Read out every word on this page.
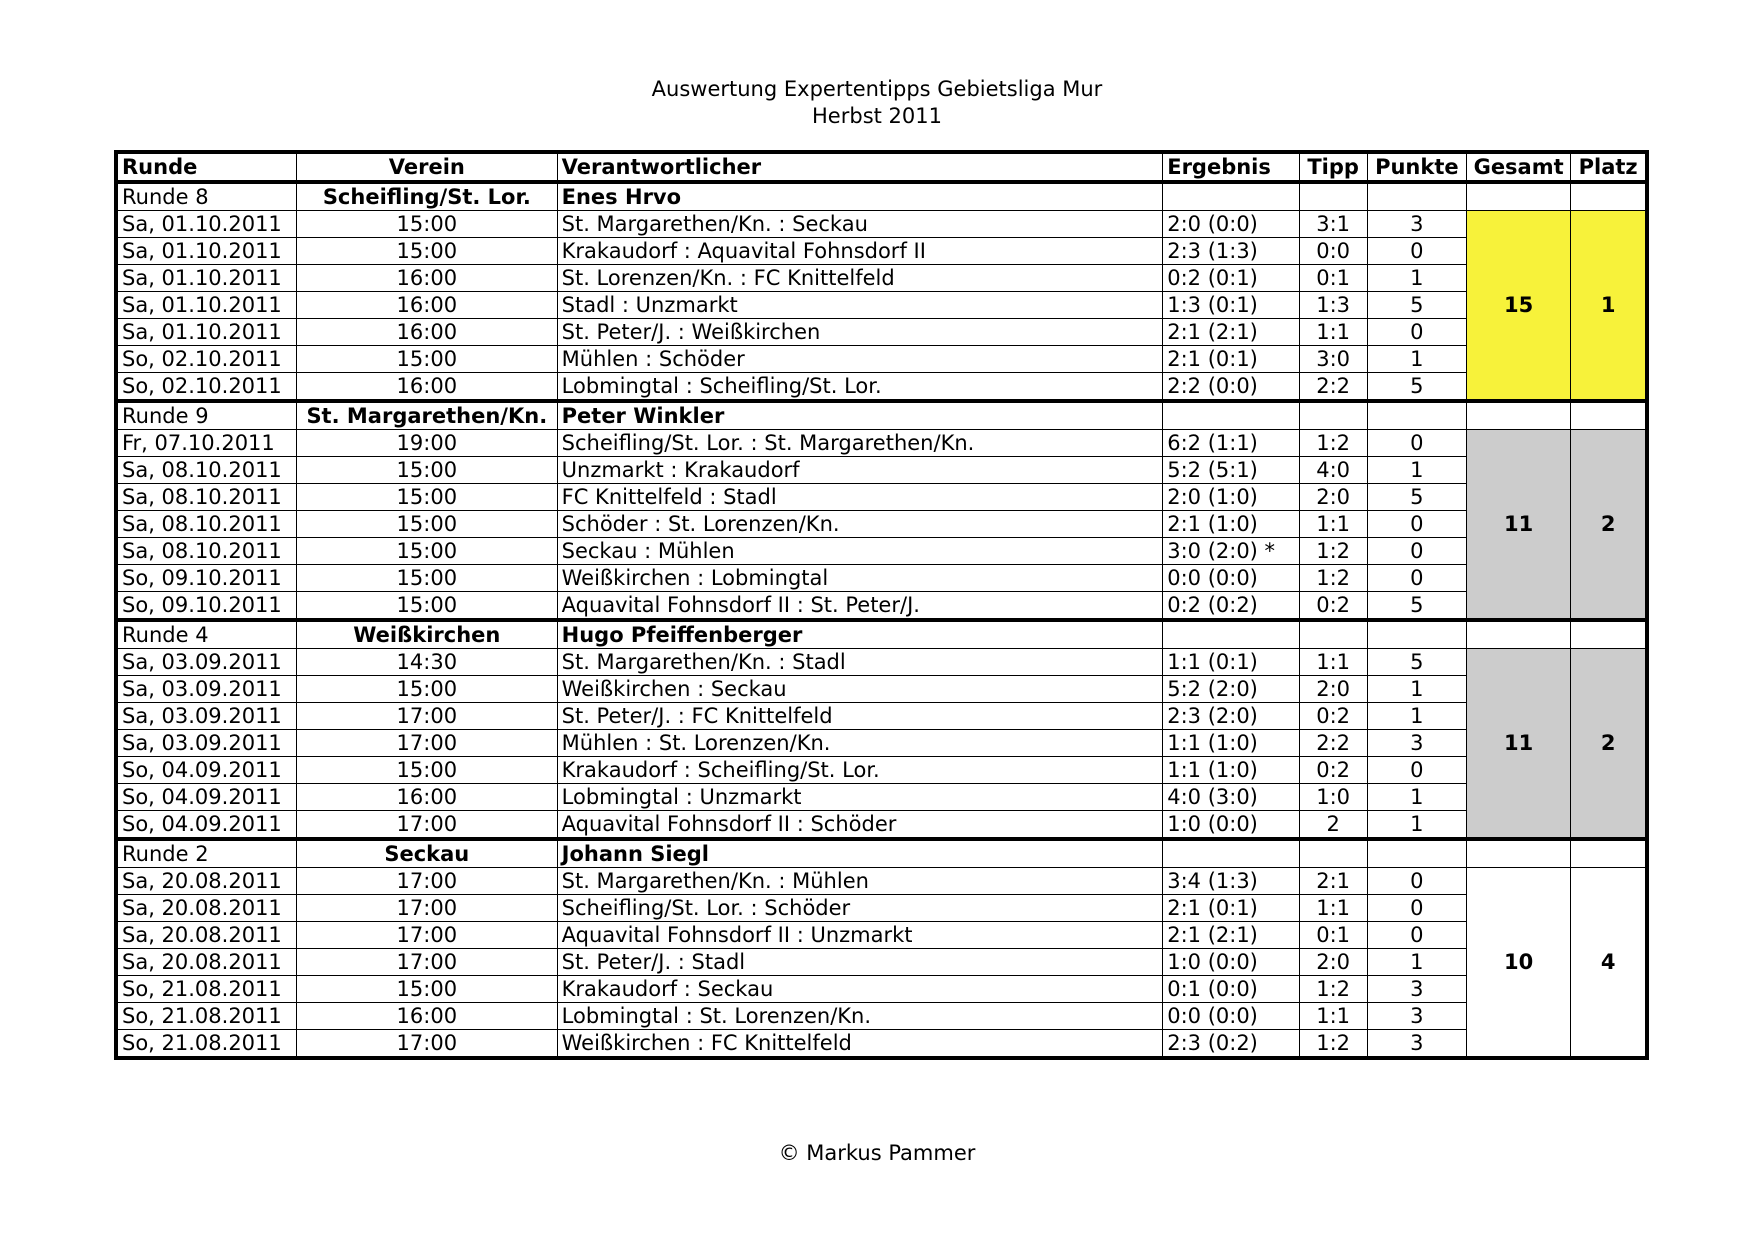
Auswertung Expertentipps Gebietsliga Mur
Herbst 2011
Runde	Verein	Verantwortlicher	Ergebnis	Tipp	Punkte	Gesamt	Platz
Runde 8	Scheifling/St. Lor.	Enes Hrvo					
Sa, 01.10.2011	15:00	St. Margarethen/Kn. : Seckau	2:0 (0:0)	3:1	3	15	1
Sa, 01.10.2011	15:00	Krakaudorf : Aquavital Fohnsdorf II	2:3 (1:3)	0:0	0		
Sa, 01.10.2011	16:00	St. Lorenzen/Kn. : FC Knittelfeld	0:2 (0:1)	0:1	1		
Sa, 01.10.2011	16:00	Stadl : Unzmarkt	1:3 (0:1)	1:3	5		
Sa, 01.10.2011	16:00	St. Peter/J. : Weißkirchen	2:1 (2:1)	1:1	0		
So, 02.10.2011	15:00	Mühlen : Schöder	2:1 (0:1)	3:0	1		
So, 02.10.2011	16:00	Lobmingtal : Scheifling/St. Lor.	2:2 (0:0)	2:2	5		
Runde 9	St. Margarethen/Kn.	Peter Winkler					
Fr, 07.10.2011	19:00	Scheifling/St. Lor. : St. Margarethen/Kn.	6:2 (1:1)	1:2	0	11	2
Sa, 08.10.2011	15:00	Unzmarkt : Krakaudorf	5:2 (5:1)	4:0	1		
Sa, 08.10.2011	15:00	FC Knittelfeld : Stadl	2:0 (1:0)	2:0	5		
Sa, 08.10.2011	15:00	Schöder : St. Lorenzen/Kn.	2:1 (1:0)	1:1	0		
Sa, 08.10.2011	15:00	Seckau : Mühlen	3:0 (2:0) *	1:2	0		
So, 09.10.2011	15:00	Weißkirchen : Lobmingtal	0:0 (0:0)	1:2	0		
So, 09.10.2011	15:00	Aquavital Fohnsdorf II : St. Peter/J.	0:2 (0:2)	0:2	5		
Runde 4	Weißkirchen	Hugo Pfeiffenberger					
Sa, 03.09.2011	14:30	St. Margarethen/Kn. : Stadl	1:1 (0:1)	1:1	5	11	2
Sa, 03.09.2011	15:00	Weißkirchen : Seckau	5:2 (2:0)	2:0	1		
Sa, 03.09.2011	17:00	St. Peter/J. : FC Knittelfeld	2:3 (2:0)	0:2	1		
Sa, 03.09.2011	17:00	Mühlen : St. Lorenzen/Kn.	1:1 (1:0)	2:2	3		
So, 04.09.2011	15:00	Krakaudorf : Scheifling/St. Lor.	1:1 (1:0)	0:2	0		
So, 04.09.2011	16:00	Lobmingtal : Unzmarkt	4:0 (3:0)	1:0	1		
So, 04.09.2011	17:00	Aquavital Fohnsdorf II : Schöder	1:0 (0:0)	2	1		
Runde 2	Seckau	Johann Siegl					
Sa, 20.08.2011	17:00	St. Margarethen/Kn. : Mühlen	3:4 (1:3)	2:1	0	10	4
Sa, 20.08.2011	17:00	Scheifling/St. Lor. : Schöder	2:1 (0:1)	1:1	0		
Sa, 20.08.2011	17:00	Aquavital Fohnsdorf II : Unzmarkt	2:1 (2:1)	0:1	0		
Sa, 20.08.2011	17:00	St. Peter/J. : Stadl	1:0 (0:0)	2:0	1		
So, 21.08.2011	15:00	Krakaudorf : Seckau	0:1 (0:0)	1:2	3		
So, 21.08.2011	16:00	Lobmingtal : St. Lorenzen/Kn.	0:0 (0:0)	1:1	3		
So, 21.08.2011	17:00	Weißkirchen : FC Knittelfeld	2:3 (0:2)	1:2	3		
© Markus Pammer
